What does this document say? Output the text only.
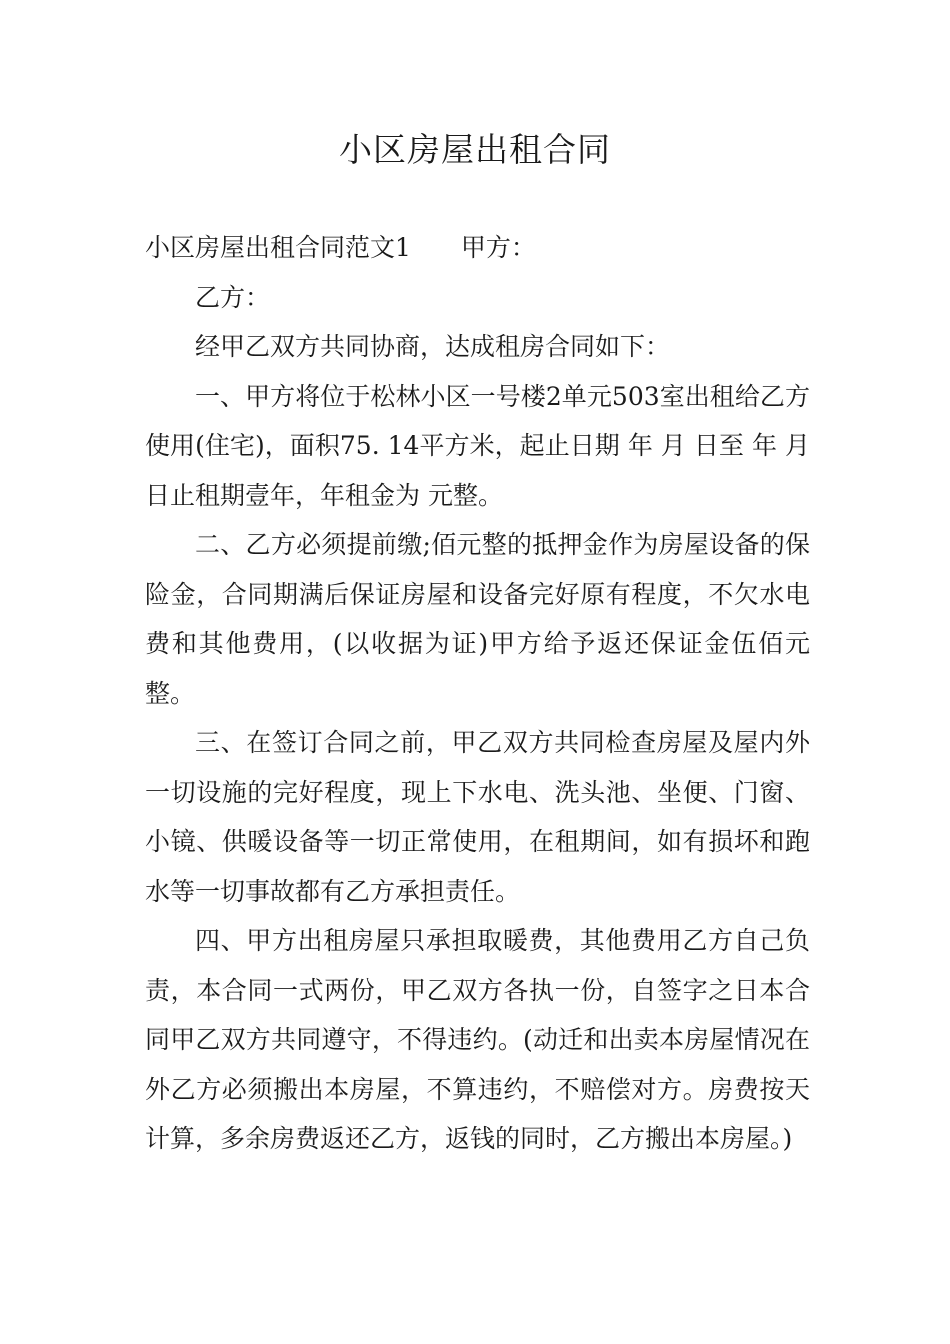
小区房屋出租合同

小区房屋出租合同范文1 甲方：

乙方：

经甲乙双方共同协商，达成租房合同如下：

一、甲方将位于松林小区一号楼2单元503室出租给乙方使用(住宅)，面积75. 14平方米，起止日期 年 月 日至 年 月 日止租期壹年，年租金为 元整。

二、乙方必须提前缴;佰元整的抵押金作为房屋设备的保险金，合同期满后保证房屋和设备完好原有程度，不欠水电费和其他费用，(以收据为证)甲方给予返还保证金伍佰元整。

三、在签订合同之前，甲乙双方共同检查房屋及屋内外一切设施的完好程度，现上下水电、洗头池、坐便、门窗、小镜、供暖设备等一切正常使用，在租期间，如有损坏和跑水等一切事故都有乙方承担责任。

四、甲方出租房屋只承担取暖费，其他费用乙方自己负责，本合同一式两份，甲乙双方各执一份，自签字之日本合同甲乙双方共同遵守，不得违约。(动迁和出卖本房屋情况在外乙方必须搬出本房屋，不算违约，不赔偿对方。房费按天计算，多余房费返还乙方，返钱的同时，乙方搬出本房屋。)
